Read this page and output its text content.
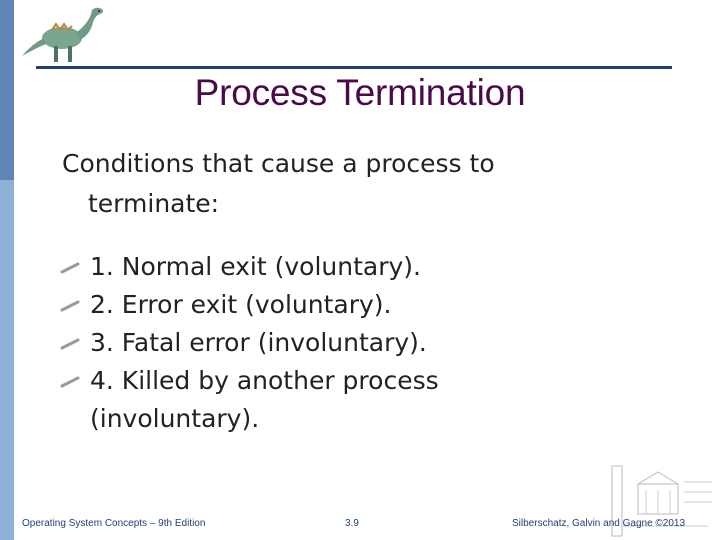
Process Termination
Conditions that cause a process to
terminate:
1. Normal exit (voluntary).
2. Error exit (voluntary).
3. Fatal error (involuntary).
4. Killed by another process (involuntary).
Operating System Concepts – 9th Edition	3.9	Silberschatz, Galvin and Gagne ©2013
